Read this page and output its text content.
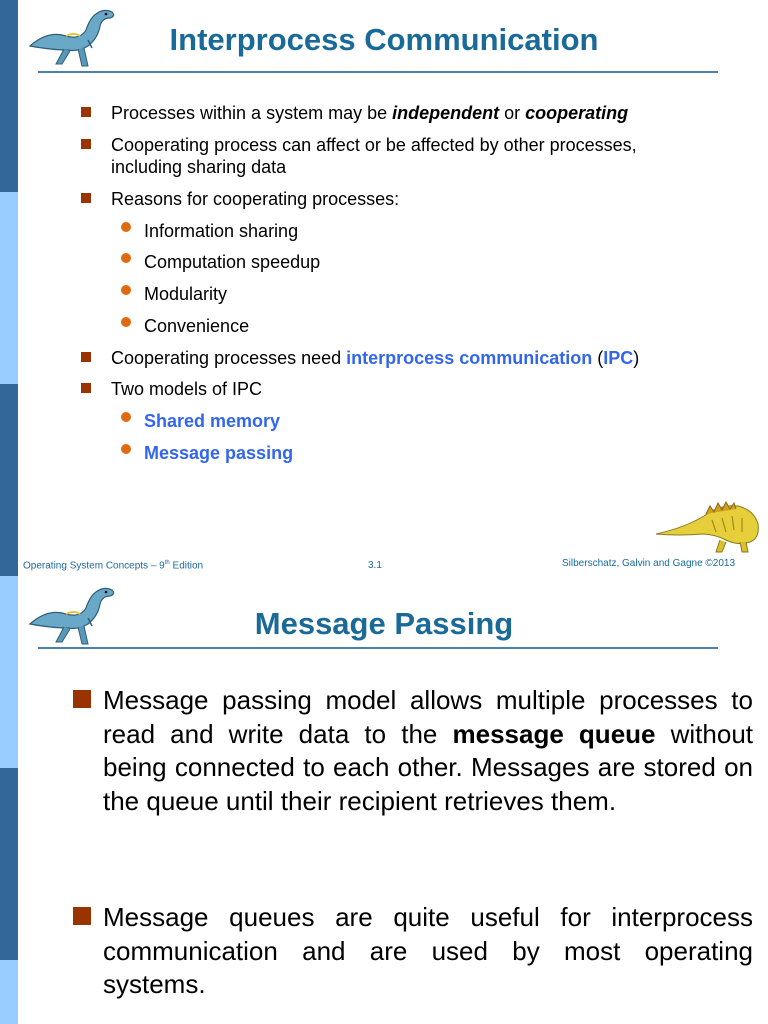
Interprocess Communication
Processes within a system may be independent or cooperating
Cooperating process can affect or be affected by other processes,
including sharing data
Reasons for cooperating processes:
Information sharing
Computation speedup
Modularity
Convenience
Cooperating processes need interprocess communication (IPC)
Two models of IPC
Shared memory
Message passing
Operating System Concepts – 9th Edition	3.1	Silberschatz, Galvin and Gagne ©2013
Message Passing
Message passing model allows multiple processes to read and write data to the message queue without being connected to each other. Messages are stored on the queue until their recipient retrieves them.
Message queues are quite useful for interprocess communication and are used by most operating systems.
